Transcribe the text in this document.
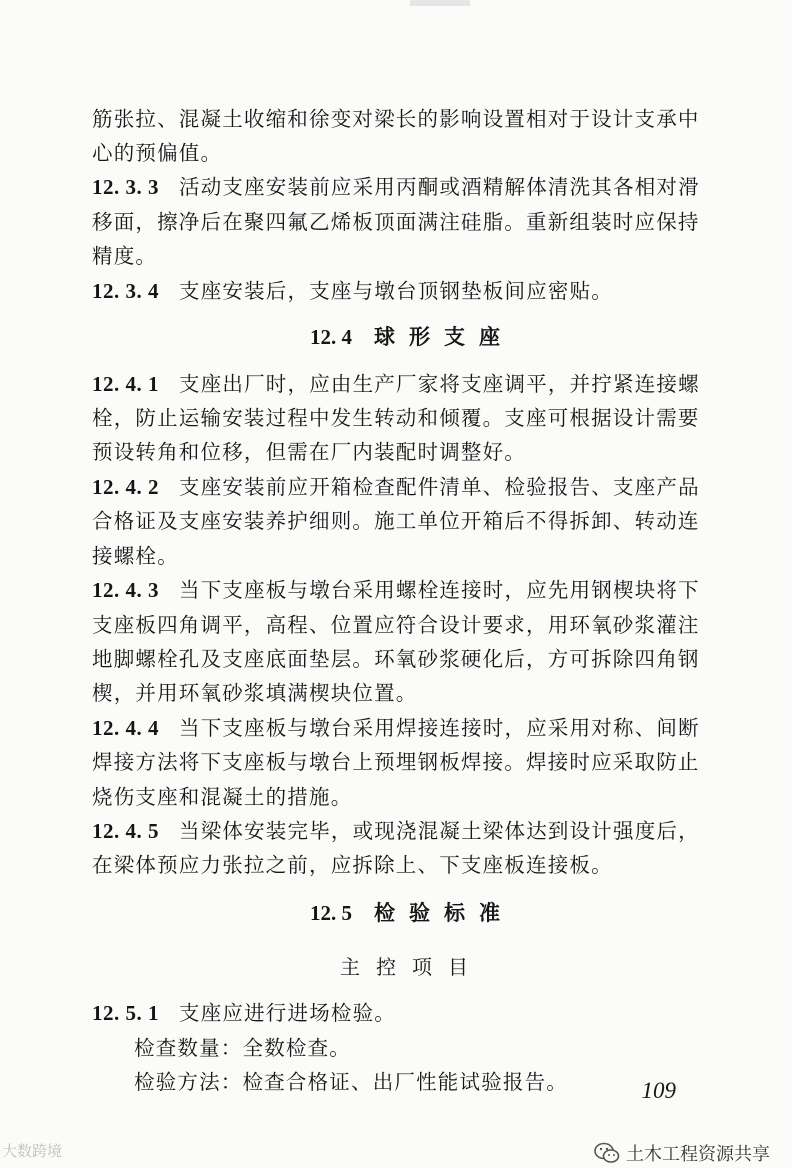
筋张拉、混凝土收缩和徐变对梁长的影响设置相对于设计支承中
心的预偏值。
12. 3. 3 活动支座安装前应采用丙酮或酒精解体清洗其各相对滑
移面，擦净后在聚四氟乙烯板顶面满注硅脂。重新组装时应保持
精度。
12. 3. 4 支座安装后，支座与墩台顶钢垫板间应密贴。
12. 4 球形支座
12. 4. 1 支座出厂时，应由生产厂家将支座调平，并拧紧连接螺
栓，防止运输安装过程中发生转动和倾覆。支座可根据设计需要
预设转角和位移，但需在厂内装配时调整好。
12. 4. 2 支座安装前应开箱检查配件清单、检验报告、支座产品
合格证及支座安装养护细则。施工单位开箱后不得拆卸、转动连
接螺栓。
12. 4. 3 当下支座板与墩台采用螺栓连接时，应先用钢楔块将下
支座板四角调平，高程、位置应符合设计要求，用环氧砂浆灌注
地脚螺栓孔及支座底面垫层。环氧砂浆硬化后，方可拆除四角钢
楔，并用环氧砂浆填满楔块位置。
12. 4. 4 当下支座板与墩台采用焊接连接时，应采用对称、间断
焊接方法将下支座板与墩台上预埋钢板焊接。焊接时应采取防止
烧伤支座和混凝土的措施。
12. 4. 5 当梁体安装完毕，或现浇混凝土梁体达到设计强度后，
在梁体预应力张拉之前，应拆除上、下支座板连接板。
12. 5 检验标准
主控项目
12. 5. 1 支座应进行进场检验。
检查数量：全数检查。
检验方法：检查合格证、出厂性能试验报告。	109
土木工程资源共享
大数跨境
